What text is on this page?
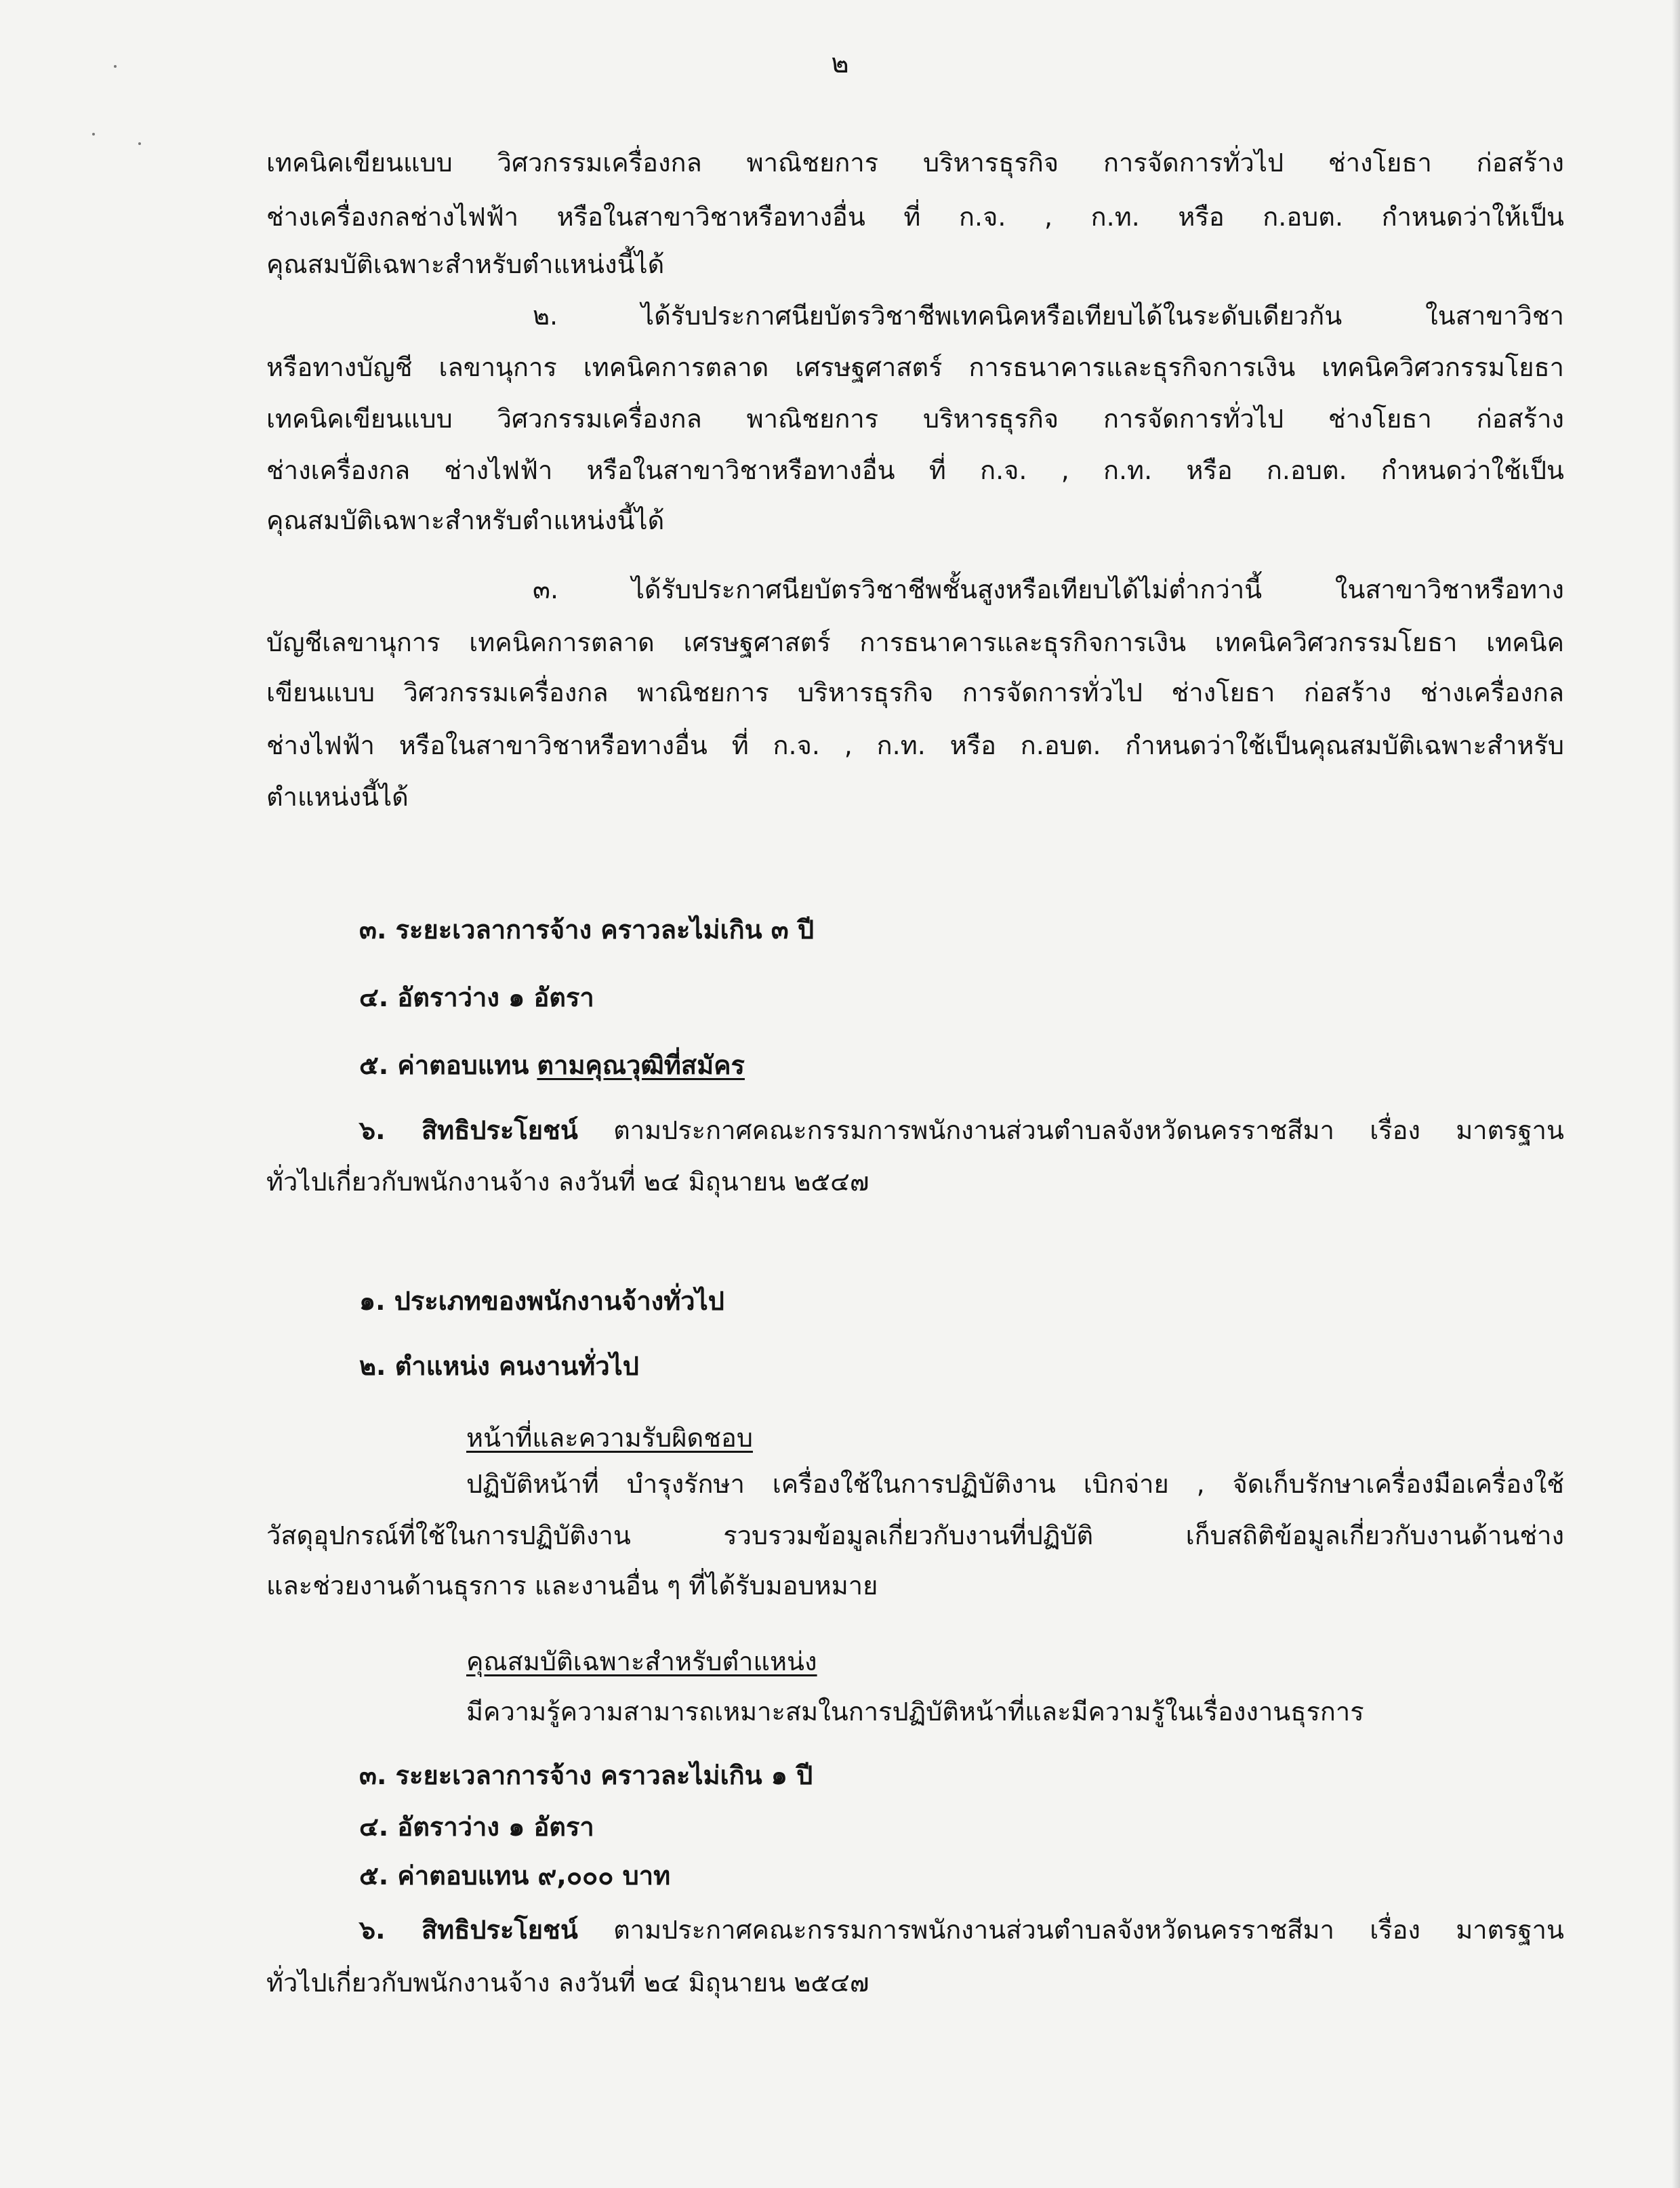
๒
เทคนิคเขียนแบบ วิศวกรรมเครื่องกล พาณิชยการ บริหารธุรกิจ การจัดการทั่วไป ช่างโยธา ก่อสร้าง
ช่างเครื่องกลช่างไฟฟ้า หรือในสาขาวิชาหรือทางอื่น ที่ ก.จ. , ก.ท. หรือ ก.อบต. กำหนดว่าให้เป็น
คุณสมบัติเฉพาะสำหรับตำแหน่งนี้ได้
๒. ได้รับประกาศนียบัตรวิชาชีพเทคนิคหรือเทียบได้ในระดับเดียวกัน ในสาขาวิชา
หรือทางบัญชี เลขานุการ เทคนิคการตลาด เศรษฐศาสตร์ การธนาคารและธุรกิจการเงิน เทคนิควิศวกรรมโยธา
เทคนิคเขียนแบบ วิศวกรรมเครื่องกล พาณิชยการ บริหารธุรกิจ การจัดการทั่วไป ช่างโยธา ก่อสร้าง
ช่างเครื่องกล ช่างไฟฟ้า หรือในสาขาวิชาหรือทางอื่น ที่ ก.จ. , ก.ท. หรือ ก.อบต. กำหนดว่าใช้เป็น
คุณสมบัติเฉพาะสำหรับตำแหน่งนี้ได้
๓. ได้รับประกาศนียบัตรวิชาชีพชั้นสูงหรือเทียบได้ไม่ต่ำกว่านี้ ในสาขาวิชาหรือทาง
บัญชีเลขานุการ เทคนิคการตลาด เศรษฐศาสตร์ การธนาคารและธุรกิจการเงิน เทคนิควิศวกรรมโยธา เทคนิค
เขียนแบบ วิศวกรรมเครื่องกล พาณิชยการ บริหารธุรกิจ การจัดการทั่วไป ช่างโยธา ก่อสร้าง ช่างเครื่องกล
ช่างไฟฟ้า หรือในสาขาวิชาหรือทางอื่น ที่ ก.จ. , ก.ท. หรือ ก.อบต. กำหนดว่าใช้เป็นคุณสมบัติเฉพาะสำหรับ
ตำแหน่งนี้ได้
๓. ระยะเวลาการจ้าง คราวละไม่เกิน ๓ ปี
๔. อัตราว่าง ๑ อัตรา
๕. ค่าตอบแทน ตามคุณวุฒิที่สมัคร
๖. สิทธิประโยชน์ ตามประกาศคณะกรรมการพนักงานส่วนตำบลจังหวัดนครราชสีมา เรื่อง มาตรฐาน
ทั่วไปเกี่ยวกับพนักงานจ้าง ลงวันที่ ๒๔ มิถุนายน ๒๕๔๗
๑. ประเภทของพนักงานจ้างทั่วไป
๒. ตำแหน่ง คนงานทั่วไป
หน้าที่และความรับผิดชอบ
ปฏิบัติหน้าที่ บำรุงรักษา เครื่องใช้ในการปฏิบัติงาน เบิกจ่าย , จัดเก็บรักษาเครื่องมือเครื่องใช้
วัสดุอุปกรณ์ที่ใช้ในการปฏิบัติงาน รวบรวมข้อมูลเกี่ยวกับงานที่ปฏิบัติ เก็บสถิติข้อมูลเกี่ยวกับงานด้านช่าง
และช่วยงานด้านธุรการ และงานอื่น ๆ ที่ได้รับมอบหมาย
คุณสมบัติเฉพาะสำหรับตำแหน่ง
มีความรู้ความสามารถเหมาะสมในการปฏิบัติหน้าที่และมีความรู้ในเรื่องงานธุรการ
๓. ระยะเวลาการจ้าง คราวละไม่เกิน ๑ ปี
๔. อัตราว่าง ๑ อัตรา
๕. ค่าตอบแทน ๙,๐๐๐ บาท
๖. สิทธิประโยชน์ ตามประกาศคณะกรรมการพนักงานส่วนตำบลจังหวัดนครราชสีมา เรื่อง มาตรฐาน
ทั่วไปเกี่ยวกับพนักงานจ้าง ลงวันที่ ๒๔ มิถุนายน ๒๕๔๗
